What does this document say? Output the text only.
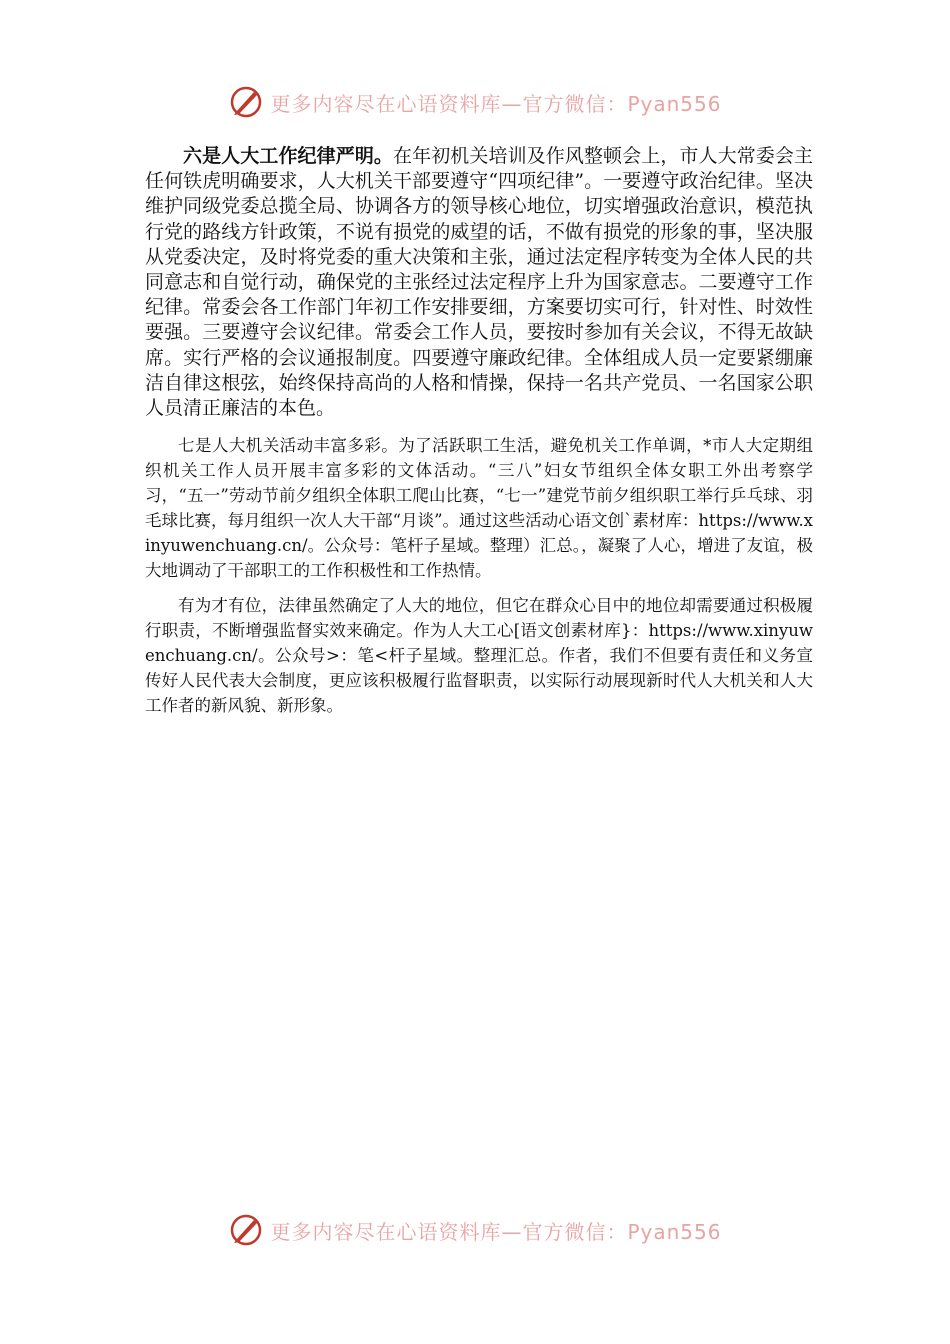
更多内容尽在心语资料库—官方微信：Pyan556

六是人大工作纪律严明。在年初机关培训及作风整顿会上，市人大常委会主任何铁虎明确要求，人大机关干部要遵守“四项纪律”。一要遵守政治纪律。坚决维护同级党委总揽全局、协调各方的领导核心地位，切实增强政治意识，模范执行党的路线方针政策，不说有损党的威望的话，不做有损党的形象的事，坚决服从党委决定，及时将党委的重大决策和主张，通过法定程序转变为全体人民的共同意志和自觉行动，确保党的主张经过法定程序上升为国家意志。二要遵守工作纪律。常委会各工作部门年初工作安排要细，方案要切实可行，针对性、时效性要强。三要遵守会议纪律。常委会工作人员，要按时参加有关会议，不得无故缺席。实行严格的会议通报制度。四要遵守廉政纪律。全体组成人员一定要紧绷廉洁自律这根弦，始终保持高尚的人格和情操，保持一名共产党员、一名国家公职人员清正廉洁的本色。

七是人大机关活动丰富多彩。为了活跃职工生活，避免机关工作单调，*市人大定期组织机关工作人员开展丰富多彩的文体活动。“三八”妇女节组织全体女职工外出考察学习，“五一”劳动节前夕组织全体职工爬山比赛，“七一”建党节前夕组织职工举行乒乓球、羽毛球比赛，每月组织一次人大干部“月谈”。通过这些活动心语文创`素材库：https://www.xinyuwenchuang.cn/。公众号：笔杆子星域。整理）汇总。，凝聚了人心，增进了友谊，极大地调动了干部职工的工作积极性和工作热情。

有为才有位，法律虽然确定了人大的地位，但它在群众心目中的地位却需要通过积极履行职责，不断增强监督实效来确定。作为人大工心[语文创素材库}：https://www.xinyuwenchuang.cn/。公众号>：笔<杆子星域。整理汇总。作者，我们不但要有责任和义务宣传好人民代表大会制度，更应该积极履行监督职责，以实际行动展现新时代人大机关和人大工作者的新风貌、新形象。

更多内容尽在心语资料库—官方微信：Pyan556
